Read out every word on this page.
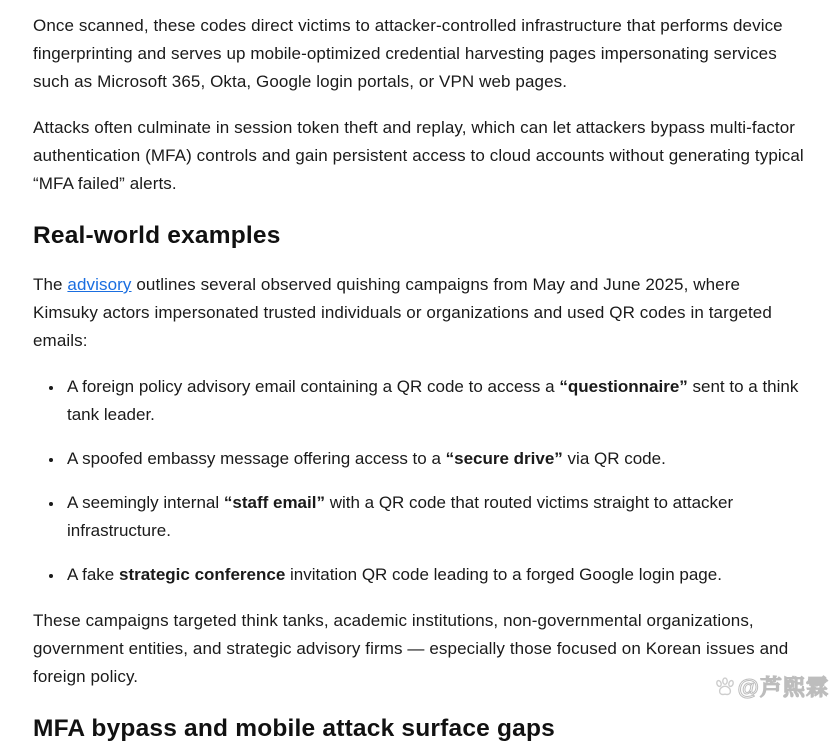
Once scanned, these codes direct victims to attacker-controlled infrastructure that performs device fingerprinting and serves up mobile-optimized credential harvesting pages impersonating services such as Microsoft 365, Okta, Google login portals, or VPN web pages.

Attacks often culminate in session token theft and replay, which can let attackers bypass multi-factor authentication (MFA) controls and gain persistent access to cloud accounts without generating typical “MFA failed” alerts.

Real-world examples

The advisory outlines several observed quishing campaigns from May and June 2025, where Kimsuky actors impersonated trusted individuals or organizations and used QR codes in targeted emails:

• A foreign policy advisory email containing a QR code to access a “questionnaire” sent to a think tank leader.
• A spoofed embassy message offering access to a “secure drive” via QR code.
• A seemingly internal “staff email” with a QR code that routed victims straight to attacker infrastructure.
• A fake strategic conference invitation QR code leading to a forged Google login page.

These campaigns targeted think tanks, academic institutions, non-governmental organizations, government entities, and strategic advisory firms — especially those focused on Korean issues and foreign policy.

MFA bypass and mobile attack surface gaps
@芦熙霖
